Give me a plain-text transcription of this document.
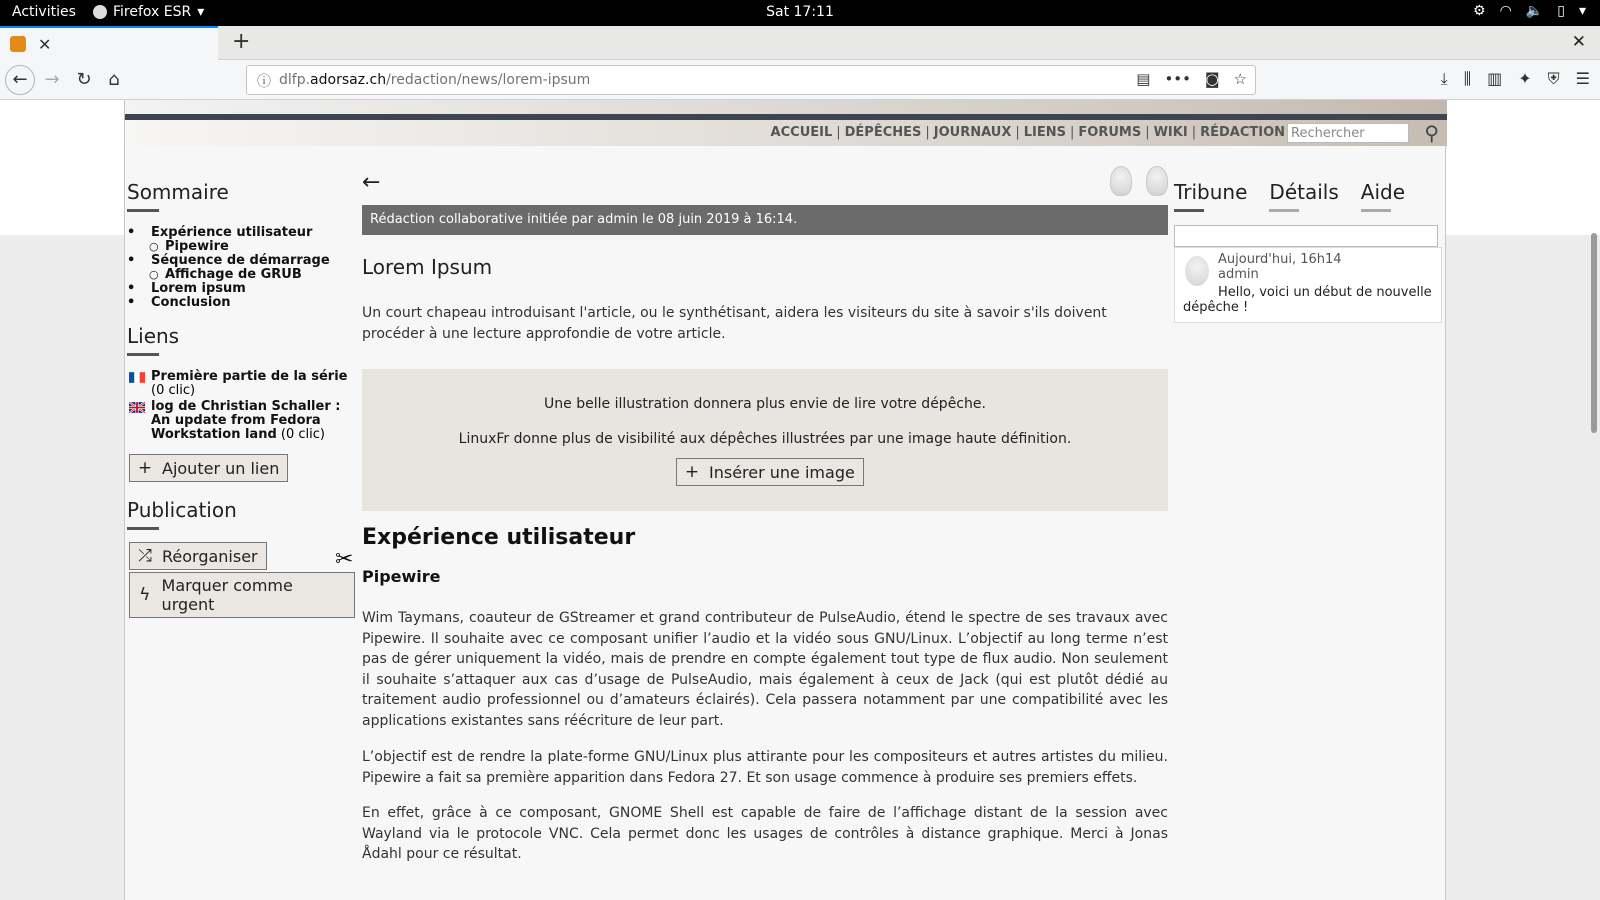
Activities	Firefox ESR ▾	Sat 17:11	⚙ ◠ 🔈 ▯ ▾
✕	+	✕
← → ↻ ⌂	ⓘ dlfp.adorsaz.ch/redaction/news/lorem-ipsum	▤ ••• ◙ ☆	⤓ ⫼ ▥ ✦ ⛨ ☰
ACCUEIL | DÉPÊCHES | JOURNAUX | LIENS | FORUMS | WIKI | RÉDACTION Rechercher	⚲
Sommaire
• Expérience utilisateur
○ Pipewire
• Séquence de démarrage
○ Affichage de GRUB
• Lorem ipsum
• Conclusion
Liens
Première partie de la série
(0 clic)
log de Christian Schaller : An update from Fedora Workstation land (0 clic)
+ Ajouter un lien
Publication
⤮ Réorganiser
ϟ Marquer comme urgent
←
Rédaction collaborative initiée par admin le 08 juin 2019 à 16:14.
Lorem Ipsum
Un court chapeau introduisant l'article, ou le synthétisant, aidera les visiteurs du site à savoir s'ils doivent procéder à une lecture approfondie de votre article.
Une belle illustration donnera plus envie de lire votre dépêche.
LinuxFr donne plus de visibilité aux dépêches illustrées par une image haute définition.
+ Insérer une image
Expérience utilisateur
Pipewire
Wim Taymans, coauteur de GStreamer et grand contributeur de PulseAudio, étend le spectre de ses travaux avec Pipewire. Il souhaite avec ce composant unifier l’audio et la vidéo sous GNU/Linux. L’objectif au long terme n’est pas de gérer uniquement la vidéo, mais de prendre en compte également tout type de flux audio. Non seulement il souhaite s’attaquer aux cas d’usage de PulseAudio, mais également à ceux de Jack (qui est plutôt dédié au traitement audio professionnel ou d’amateurs éclairés). Cela passera notamment par une compatibilité avec les applications existantes sans réécriture de leur part.
L’objectif est de rendre la plate-forme GNU/Linux plus attirante pour les compositeurs et autres artistes du milieu. Pipewire a fait sa première apparition dans Fedora 27. Et son usage commence à produire ses premiers effets.
En effet, grâce à ce composant, GNOME Shell est capable de faire de l’affichage distant de la session avec Wayland via le protocole VNC. Cela permet donc les usages de contrôles à distance graphique. Merci à Jonas Ådahl pour ce résultat.
Tribune Détails Aide
Aujourd'hui, 16h14
admin
Hello, voici un début de nouvelle dépêche !
✂
